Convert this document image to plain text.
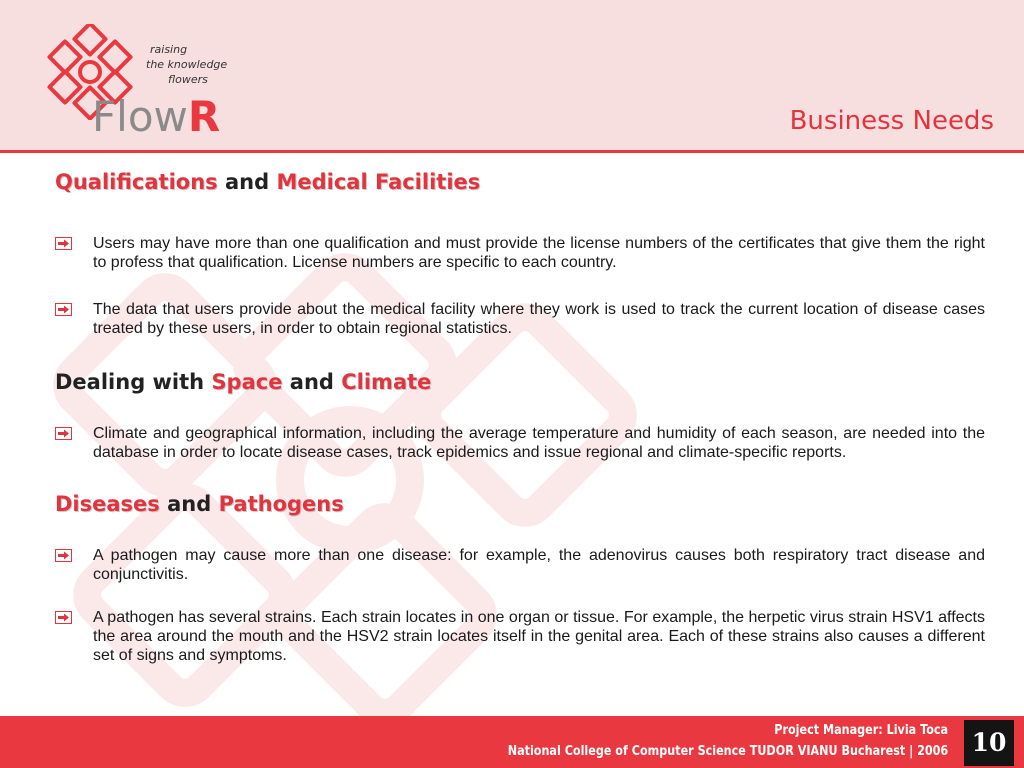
raising
the knowledge
flowers
FlowR	Business Needs
Qualifications and Medical Facilities
Users may have more than one qualification and must provide the license numbers of the certificates that give them the right to profess that qualification. License numbers are specific to each country.
The data that users provide about the medical facility where they work is used to track the current location of disease cases treated by these users, in order to obtain regional statistics.
Dealing with Space and Climate
Climate and geographical information, including the average temperature and humidity of each season, are needed into the database in order to locate disease cases, track epidemics and issue regional and climate-specific reports.
Diseases and Pathogens
A pathogen may cause more than one disease: for example, the adenovirus causes both respiratory tract disease and conjunctivitis.
A pathogen has several strains. Each strain locates in one organ or tissue. For example, the herpetic virus strain HSV1 affects the area around the mouth and the HSV2 strain locates itself in the genital area. Each of these strains also causes a different set of signs and symptoms.
Project Manager: Livia Toca
National College of Computer Science TUDOR VIANU Bucharest | 2006 10
